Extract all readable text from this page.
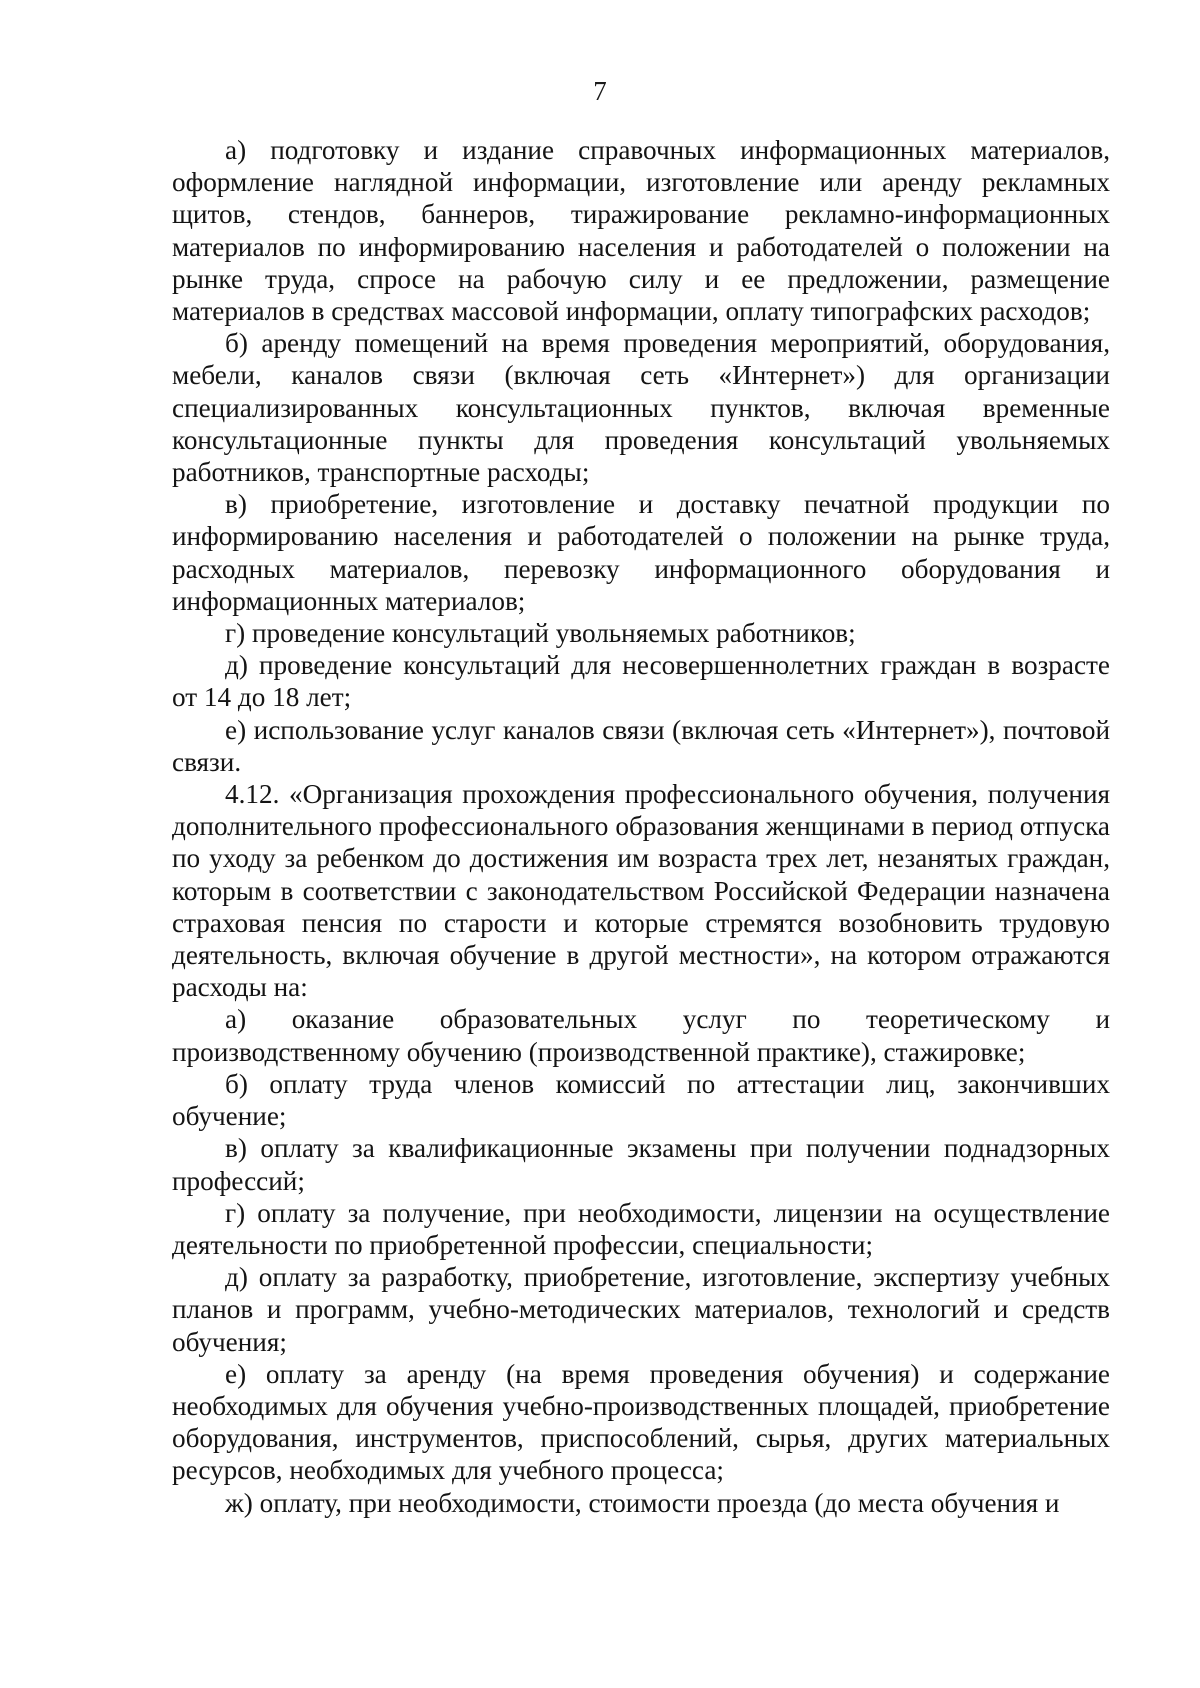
7

а) подготовку и издание справочных информационных материалов, оформление наглядной информации, изготовление или аренду рекламных щитов, стендов, баннеров, тиражирование рекламно-информационных материалов по информированию населения и работодателей о положении на рынке труда, спросе на рабочую силу и ее предложении, размещение материалов в средствах массовой информации, оплату типографских расходов;

б) аренду помещений на время проведения мероприятий, оборудования, мебели, каналов связи (включая сеть «Интернет») для организации специализированных консультационных пунктов, включая временные консультационные пункты для проведения консультаций увольняемых работников, транспортные расходы;

в) приобретение, изготовление и доставку печатной продукции по информированию населения и работодателей о положении на рынке труда, расходных материалов, перевозку информационного оборудования и информационных материалов;

г) проведение консультаций увольняемых работников;

д) проведение консультаций для несовершеннолетних граждан в возрасте от 14 до 18 лет;

е) использование услуг каналов связи (включая сеть «Интернет»), почтовой связи.

4.12. «Организация прохождения профессионального обучения, получения дополнительного профессионального образования женщинами в период отпуска по уходу за ребенком до достижения им возраста трех лет, незанятых граждан, которым в соответствии с законодательством Российской Федерации назначена страховая пенсия по старости и которые стремятся возобновить трудовую деятельность, включая обучение в другой местности», на котором отражаются расходы на:

а) оказание образовательных услуг по теоретическому и производственному обучению (производственной практике), стажировке;

б) оплату труда членов комиссий по аттестации лиц, закончивших обучение;

в) оплату за квалификационные экзамены при получении поднадзорных профессий;

г) оплату за получение, при необходимости, лицензии на осуществление деятельности по приобретенной профессии, специальности;

д) оплату за разработку, приобретение, изготовление, экспертизу учебных планов и программ, учебно-методических материалов, технологий и средств обучения;

е) оплату за аренду (на время проведения обучения) и содержание необходимых для обучения учебно-производственных площадей, приобретение оборудования, инструментов, приспособлений, сырья, других материальных ресурсов, необходимых для учебного процесса;

ж) оплату, при необходимости, стоимости проезда (до места обучения и
